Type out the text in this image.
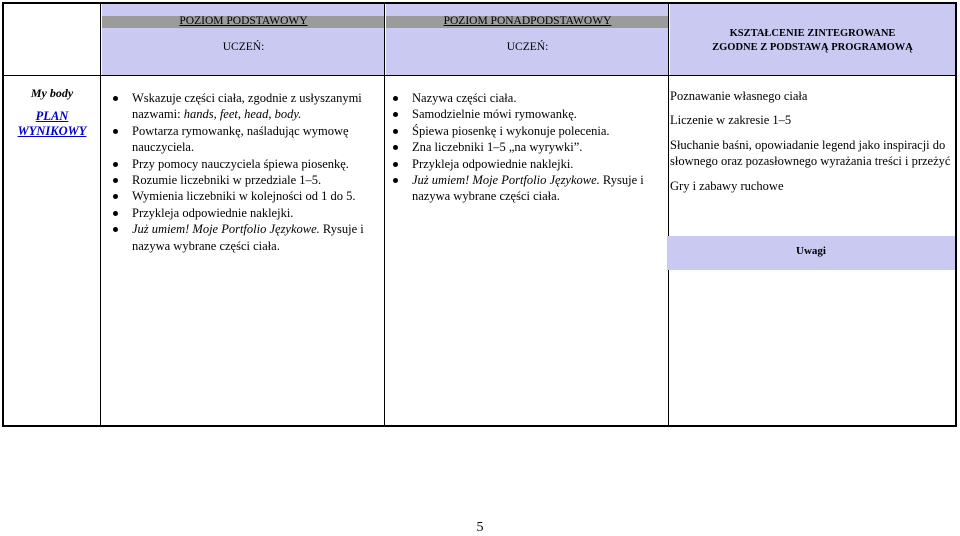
POZIOM PODSTAWOWY
UCZEŃ:
POZIOM PONADPODSTAWOWY
UCZEŃ:
KSZTAŁCENIE ZINTEGROWANE
ZGODNE Z PODSTAWĄ PROGRAMOWĄ
My body
PLAN
WYNIKOWY
Wskazuje części ciała, zgodnie z usłyszanymi nazwami: hands, feet, head, body.
Powtarza rymowankę, naśladując wymowę nauczyciela.
Przy pomocy nauczyciela śpiewa piosenkę.
Rozumie liczebniki w przedziale 1–5.
Wymienia liczebniki w kolejności od 1 do 5.
Przykleja odpowiednie naklejki.
Już umiem! Moje Portfolio Językowe. Rysuje i nazywa wybrane części ciała.
Nazywa części ciała.
Samodzielnie mówi rymowankę.
Śpiewa piosenkę i wykonuje polecenia.
Zna liczebniki 1–5 „na wyrywki”.
Przykleja odpowiednie naklejki.
Już umiem! Moje Portfolio Językowe. Rysuje i nazywa wybrane części ciała.

Poznawanie własnego ciała

Liczenie w zakresie 1–5

Słuchanie baśni, opowiadanie legend jako inspiracji do słownego oraz pozasłownego wyrażania treści i przeżyć

Gry i zabawy ruchowe

Uwagi
5
